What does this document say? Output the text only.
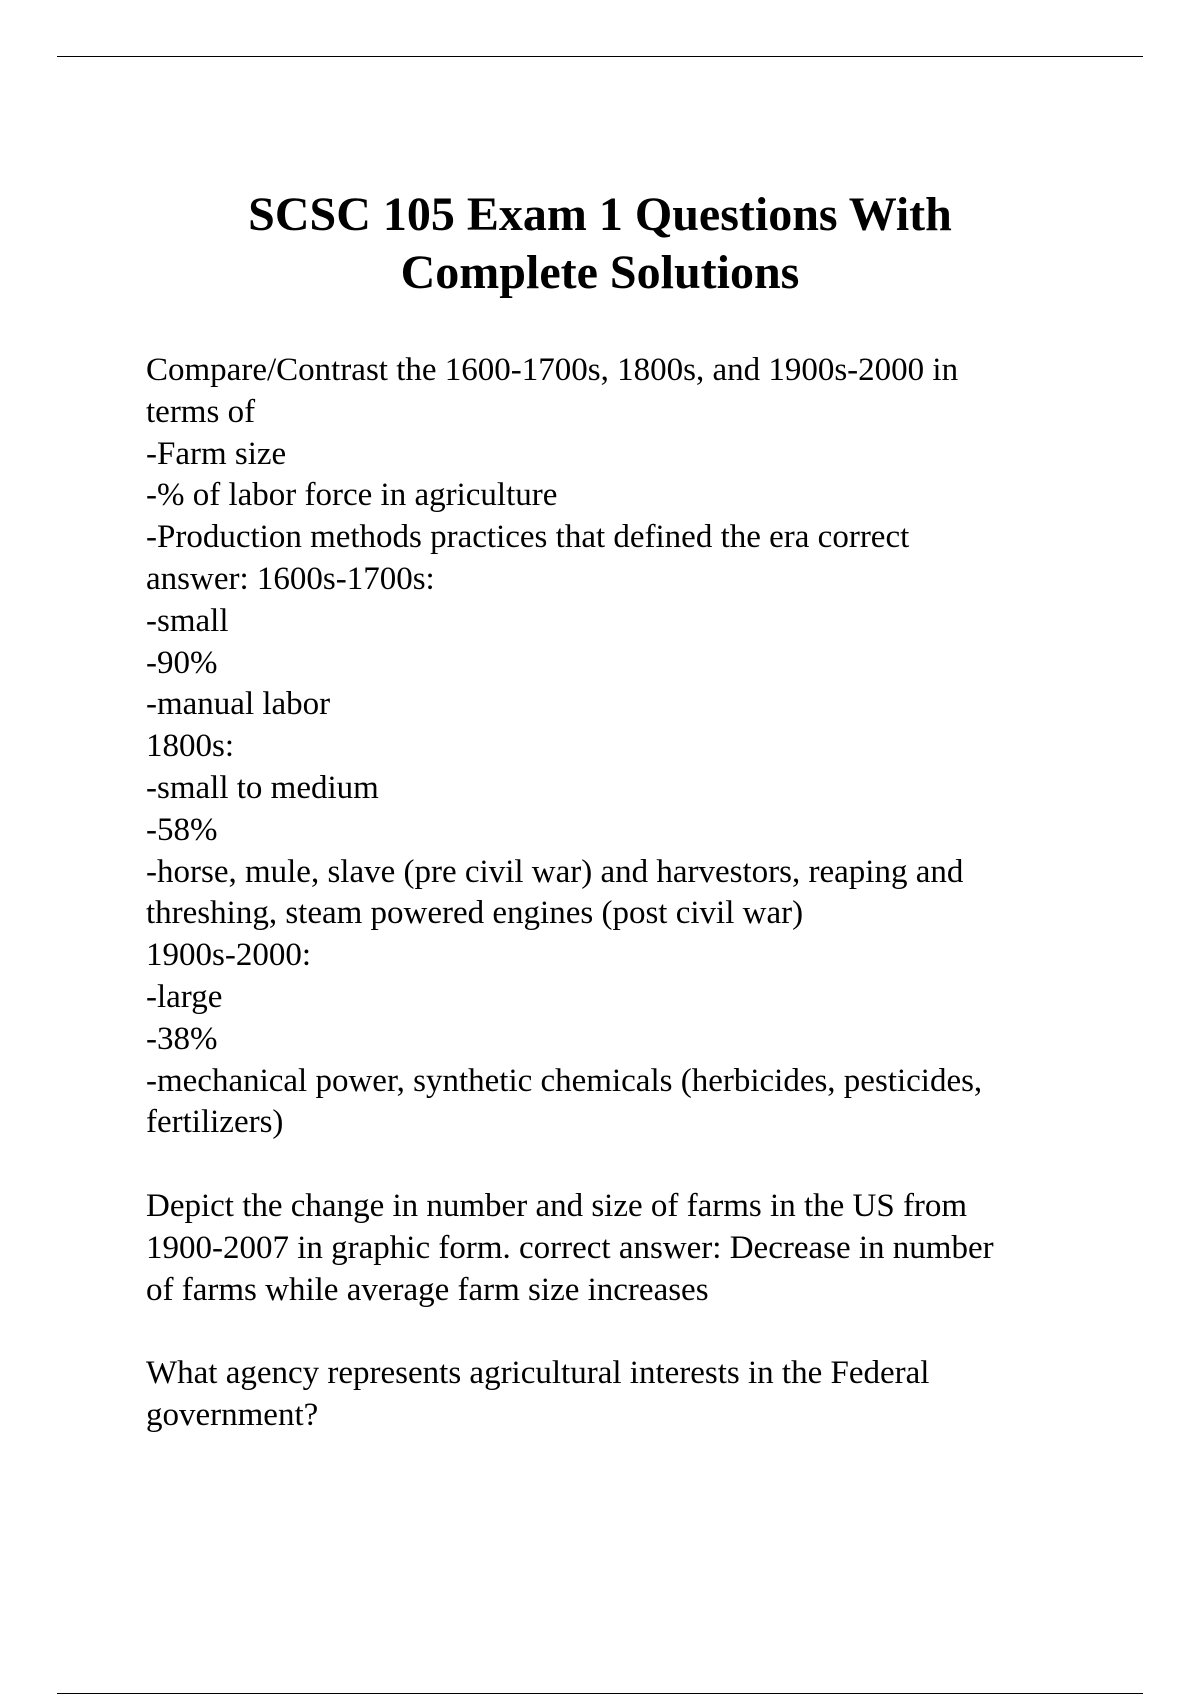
SCSC 105 Exam 1 Questions With
Complete Solutions
Compare/Contrast the 1600-1700s, 1800s, and 1900s-2000 in
terms of
-Farm size
-% of labor force in agriculture
-Production methods practices that defined the era correct
answer: 1600s-1700s:
-small
-90%
-manual labor
1800s:
-small to medium
-58%
-horse, mule, slave (pre civil war) and harvestors, reaping and
threshing, steam powered engines (post civil war)
1900s-2000:
-large
-38%
-mechanical power, synthetic chemicals (herbicides, pesticides,
fertilizers)
Depict the change in number and size of farms in the US from
1900-2007 in graphic form. correct answer: Decrease in number
of farms while average farm size increases
What agency represents agricultural interests in the Federal
government?
